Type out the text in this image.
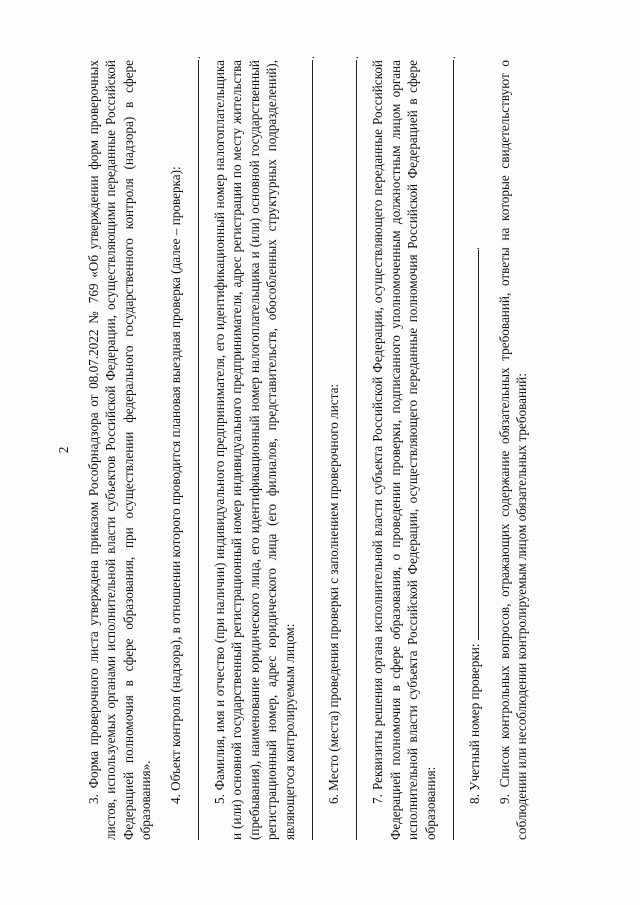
2 3. Форма проверочного листа утверждена приказом Рособрнадзора от 08.07.2022 № 769 «Об утверждении форм проверочных листов, используемых органами исполнительной власти субъектов Российской Федерации, осуществляющими переданные Российской Федерацией полномочия в сфере образования, при осуществлении федерального государственного контроля (надзора) в сфере образования». 4. Объект контроля (надзора), в отношении которого проводится плановая выездная проверка (далее – проверка):

.

5. Фамилия, имя и отчество (при наличии) индивидуального предпринимателя, его идентификационный номер налогоплательщика и (или) основной государственный регистрационный номер индивидуального предпринимателя, адрес регистрации по месту жительства (пребывания), наименование юридического лица, его идентификационный номер налогоплательщика и (или) основной государственный регистрационный номер, адрес юридического лица (его филиалов, представительств, обособленных структурных подразделений), являющегося контролируемым лицом:

.

6. Место (места) проведения проверки с заполнением проверочного листа:

.

7. Реквизиты решения органа исполнительной власти субъекта Российской Федерации, осуществляющего переданные Российской Федерацией полномочия в сфере образования, о проведении проверки, подписанного уполномоченным должностным лицом органа исполнительной власти субъекта Российской Федерации, осуществляющего переданные полномочия Российской Федерацией в сфере образования:

.

8. Учетный номер проверки: . 9. Список контрольных вопросов, отражающих содержание обязательных требований, ответы на которые свидетельствуют о соблюдении или несоблюдении контролируемым лицом обязательных требований:
